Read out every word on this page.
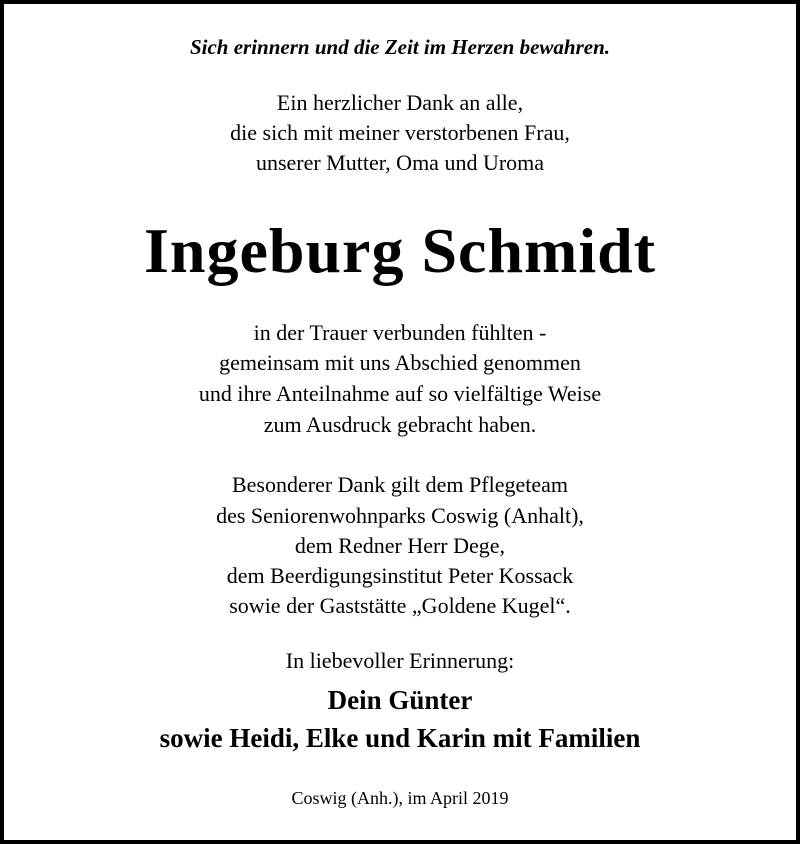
Sich erinnern und die Zeit im Herzen bewahren.
Ein herzlicher Dank an alle,
die sich mit meiner verstorbenen Frau,
unserer Mutter, Oma und Uroma
Ingeburg Schmidt
in der Trauer verbunden fühlten -
gemeinsam mit uns Abschied genommen
und ihre Anteilnahme auf so vielfältige Weise
zum Ausdruck gebracht haben.
Besonderer Dank gilt dem Pflegeteam
des Seniorenwohnparks Coswig (Anhalt),
dem Redner Herr Dege,
dem Beerdigungsinstitut Peter Kossack
sowie der Gaststätte „Goldene Kugel“.
In liebevoller Erinnerung:
Dein Günter
sowie Heidi, Elke und Karin mit Familien
Coswig (Anh.), im April 2019
